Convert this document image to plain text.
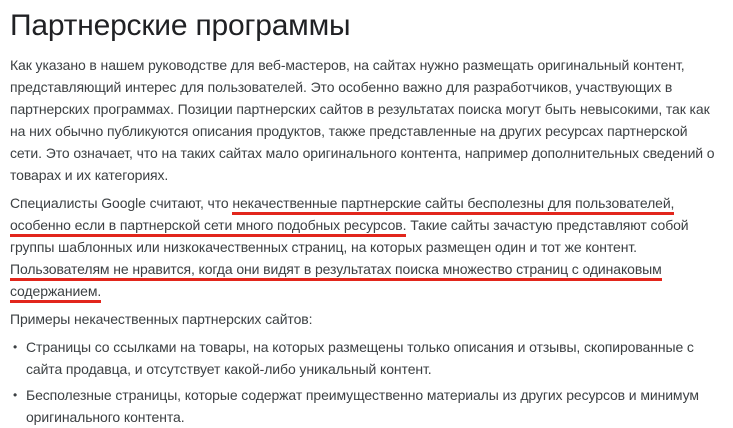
Партнерские программы

Как указано в нашем руководстве для веб-мастеров, на сайтах нужно размещать оригинальный контент, представляющий интерес для пользователей. Это особенно важно для разработчиков, участвующих в партнерских программах. Позиции партнерских сайтов в результатах поиска могут быть невысокими, так как на них обычно публикуются описания продуктов, также представленные на других ресурсах партнерской сети. Это означает, что на таких сайтах мало оригинального контента, например дополнительных сведений о товарах и их категориях.

Специалисты Google считают, что некачественные партнерские сайты бесполезны для пользователей, особенно если в партнерской сети много подобных ресурсов. Такие сайты зачастую представляют собой группы шаблонных или низкокачественных страниц, на которых размещен один и тот же контент. Пользователям не нравится, когда они видят в результатах поиска множество страниц с одинаковым содержанием.

Примеры некачественных партнерских сайтов:

• Страницы со ссылками на товары, на которых размещены только описания и отзывы, скопированные с сайта продавца, и отсутствует какой-либо уникальный контент.
• Бесполезные страницы, которые содержат преимущественно материалы из других ресурсов и минимум оригинального контента.
